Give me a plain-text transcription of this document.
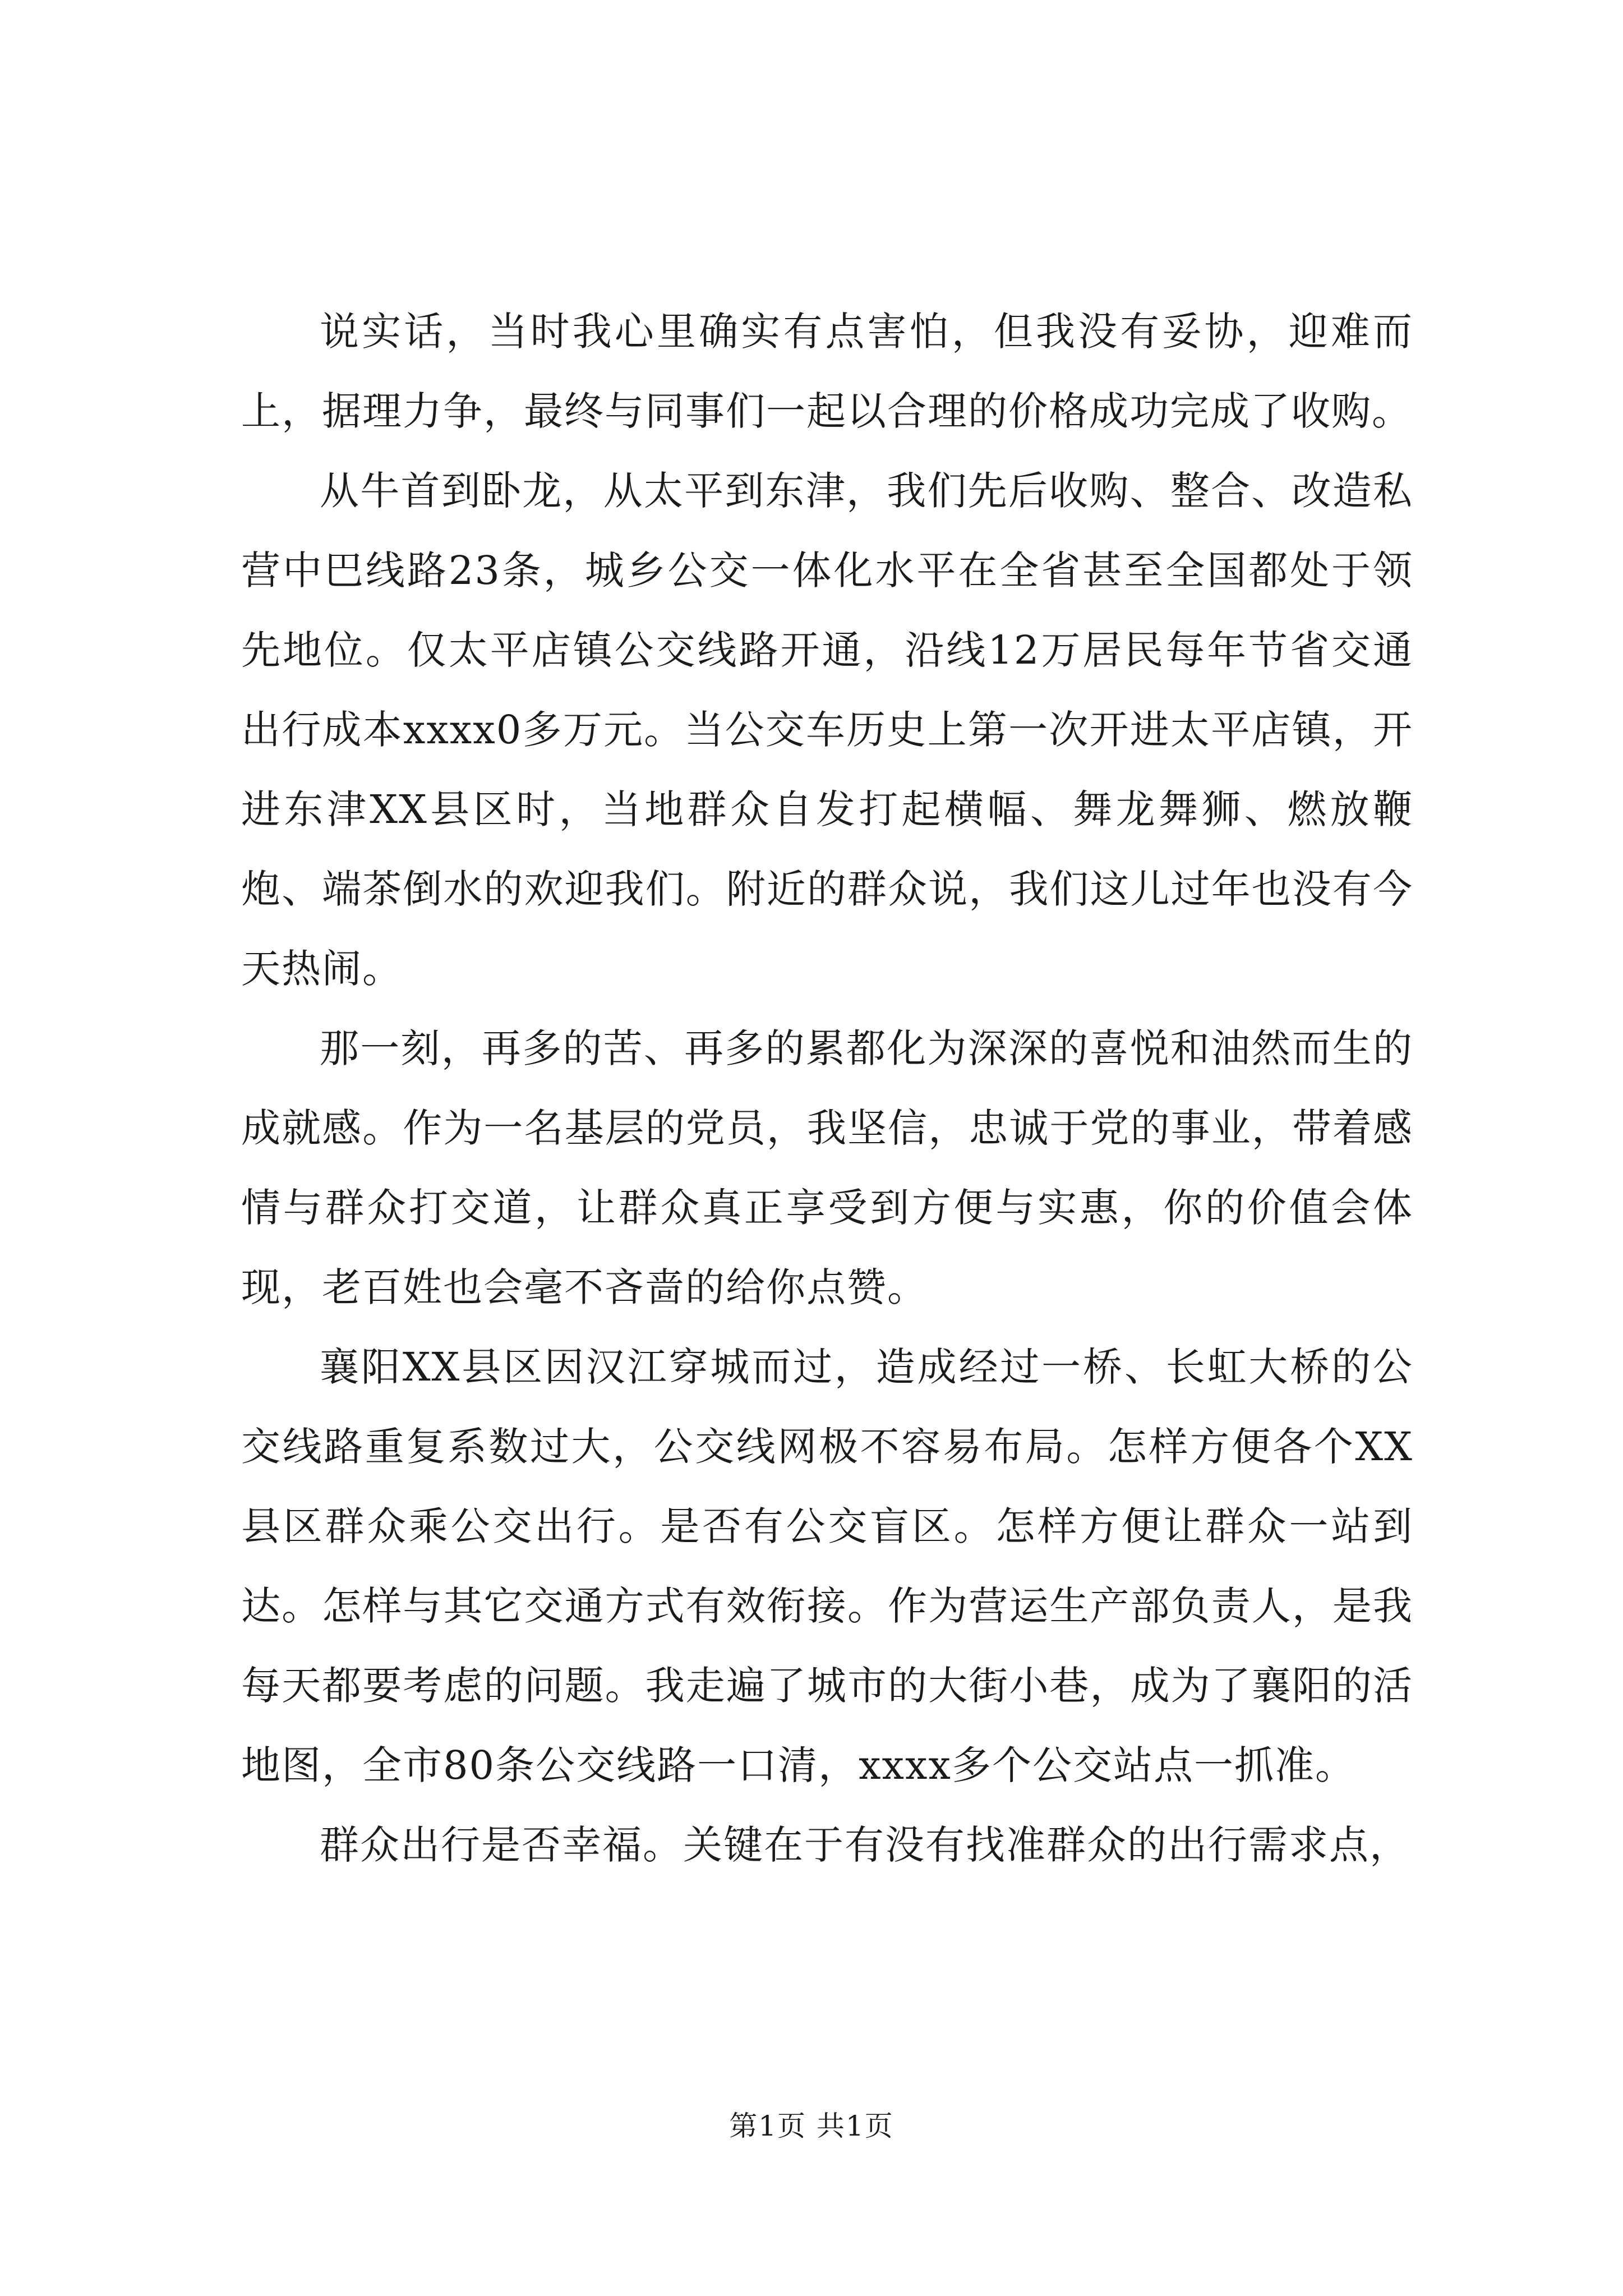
说实话，当时我心里确实有点害怕，但我没有妥协，迎难而上，据理力争，最终与同事们一起以合理的价格成功完成了收购。

从牛首到卧龙，从太平到东津，我们先后收购、整合、改造私营中巴线路23条，城乡公交一体化水平在全省甚至全国都处于领先地位。仅太平店镇公交线路开通，沿线12万居民每年节省交通出行成本xxxx0多万元。当公交车历史上第一次开进太平店镇，开进东津XX县区时，当地群众自发打起横幅、舞龙舞狮、燃放鞭炮、端茶倒水的欢迎我们。附近的群众说，我们这儿过年也没有今天热闹。

那一刻，再多的苦、再多的累都化为深深的喜悦和油然而生的成就感。作为一名基层的党员，我坚信，忠诚于党的事业，带着感情与群众打交道，让群众真正享受到方便与实惠，你的价值会体现，老百姓也会毫不吝啬的给你点赞。

襄阳XX县区因汉江穿城而过，造成经过一桥、长虹大桥的公交线路重复系数过大，公交线网极不容易布局。怎样方便各个XX县区群众乘公交出行。是否有公交盲区。怎样方便让群众一站到达。怎样与其它交通方式有效衔接。作为营运生产部负责人，是我每天都要考虑的问题。我走遍了城市的大街小巷，成为了襄阳的活地图，全市80条公交线路一口清，xxxx多个公交站点一抓准。

群众出行是否幸福。关键在于有没有找准群众的出行需求点，

第1页 共1页
